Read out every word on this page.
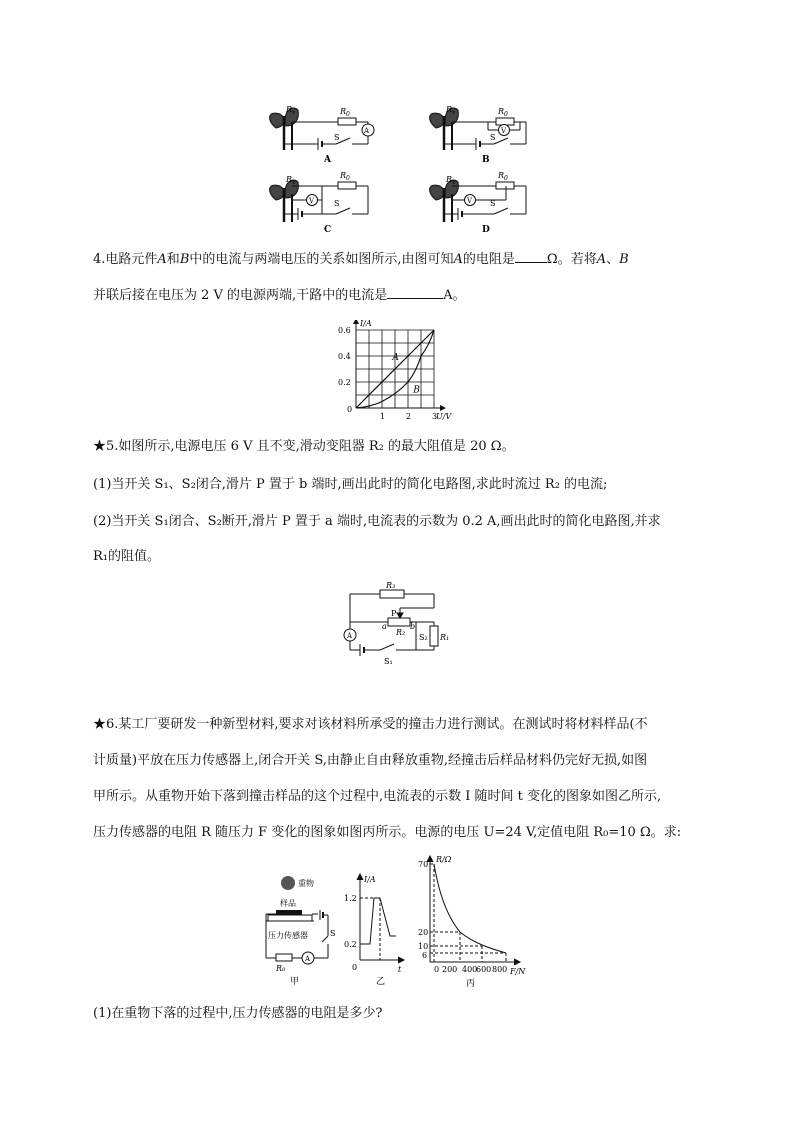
$R_x$	$R_0$
A
S
$R_x$	$R_0$
V
S
$R_x$
$R_0$
V S
$R_x$
$R_0$
V S
A	B
C	D
4.电路元件A和B中的电流与两端电压的关系如图所示,由图可知A的电阻是 Ω。若将A、B
并联后接在电压为 2 V 的电源两端,干路中的电流是	A。
0.2
0.4
0.6
1	2	3
0
I/A
U/V
A
B
★5.如图所示,电源电压 6 V 且不变,滑动变阻器 R₂ 的最大阻值是 20 Ω。
(1)当开关 S₁、S₂闭合,滑片 P 置于 b 端时,画出此时的简化电路图,求此时流过 R₂ 的电流;
(2)当开关 S₁闭合、S₂断开,滑片 P 置于 a 端时,电流表的示数为 0.2 A,画出此时的简化电路图,并求
R₁的阻值。
R₃
P
a	b
R₂
S₂ R₁
A
S₁
★6.某工厂要研发一种新型材料,要求对该材料所承受的撞击力进行测试。在测试时将材料样品(不
计质量)平放在压力传感器上,闭合开关 S,由静止自由释放重物,经撞击后样品材料仍完好无损,如图
甲所示。从重物开始下落到撞击样品的这个过程中,电流表的示数 I 随时间 t 变化的图象如图乙所示,
压力传感器的电阻 R 随压力 F 变化的图象如图丙所示。电源的电压 U=24 V,定值电阻 R₀=10 Ω。求:
重物
样品
压力传感器	S
R₀
A
甲
I/A
t
0
1.2
0.2
乙
R/Ω
F/N
70
20
10
6
0 200 400
600 800
丙
(1)在重物下落的过程中,压力传感器的电阻是多少?
